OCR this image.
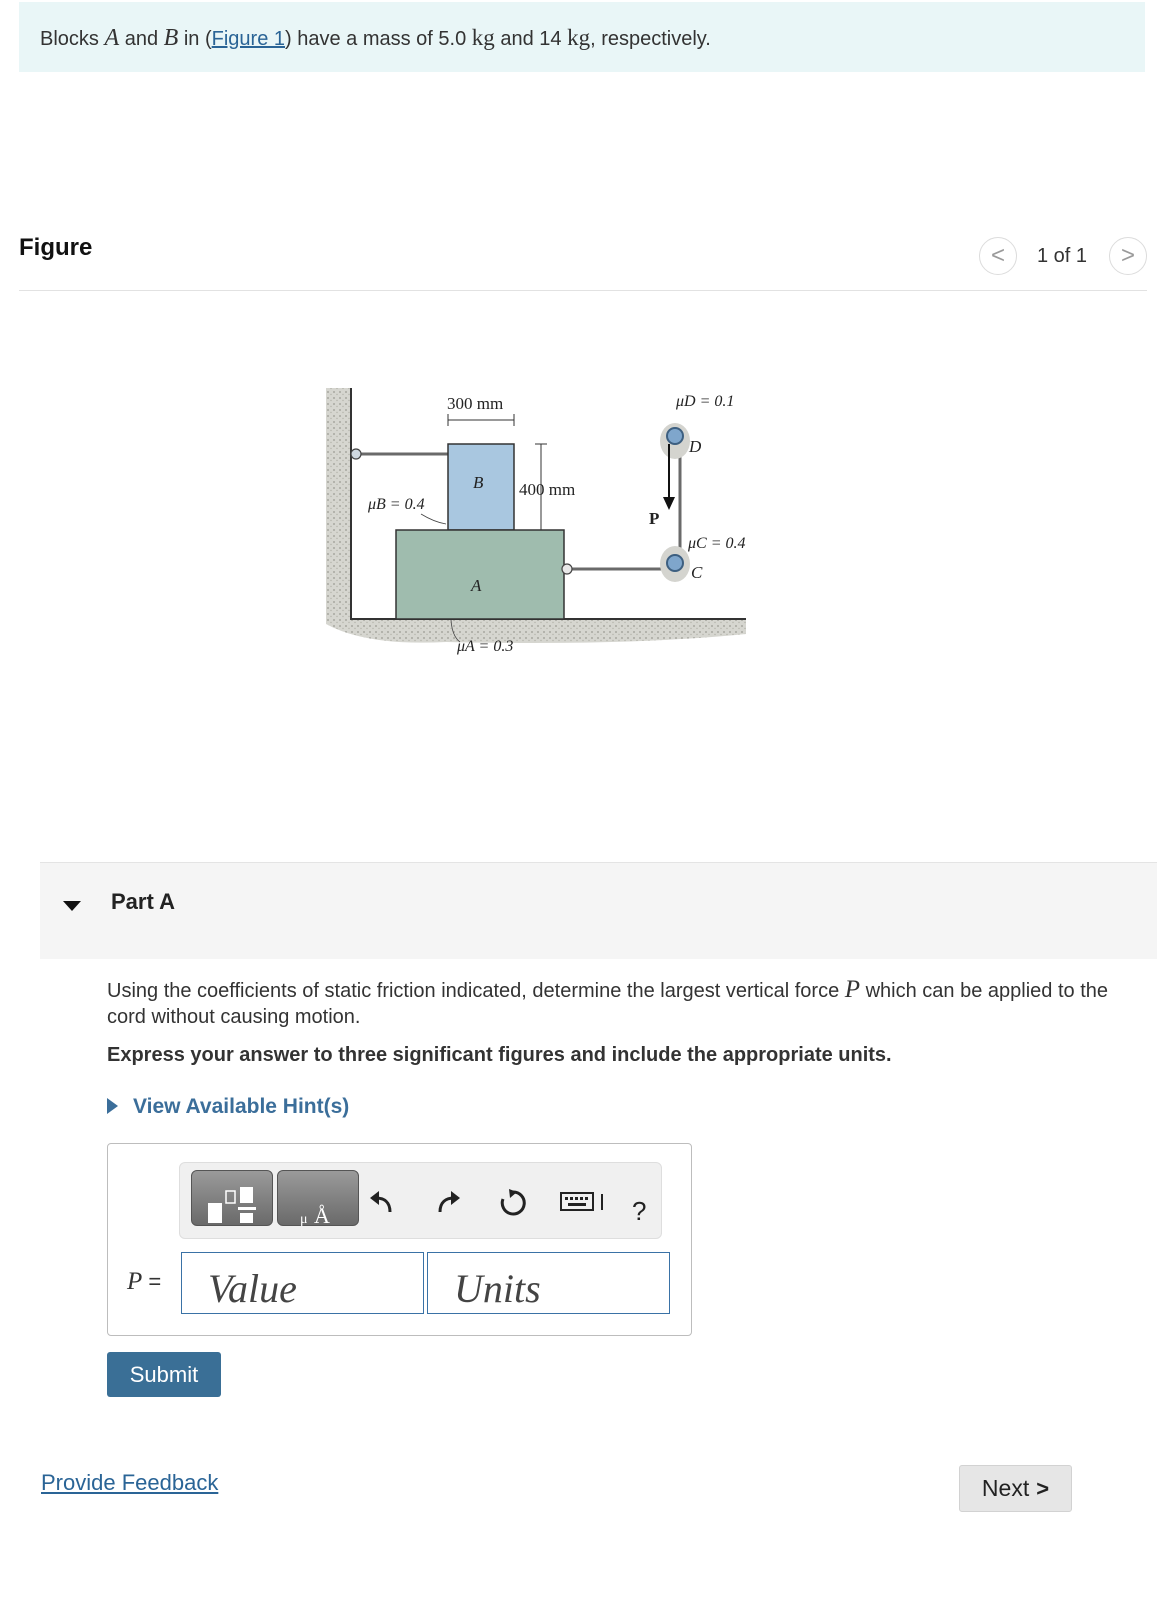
Blocks A and B in (Figure 1) have a mass of 5.0 kg and 14 kg, respectively.
Figure	< 1 of 1 >
300 mm
400 mm
B
A
μB = 0.4
μA = 0.3
μD = 0.1
μC = 0.4
D
C
P
Part A
Using the coefficients of static friction indicated, determine the largest vertical force P which can be applied to the cord without causing motion.
Express your answer to three significant figures and include the appropriate units.
View Available Hint(s)
Å
μ	?
P =
Value
Units
Submit
Provide Feedback	Next >
